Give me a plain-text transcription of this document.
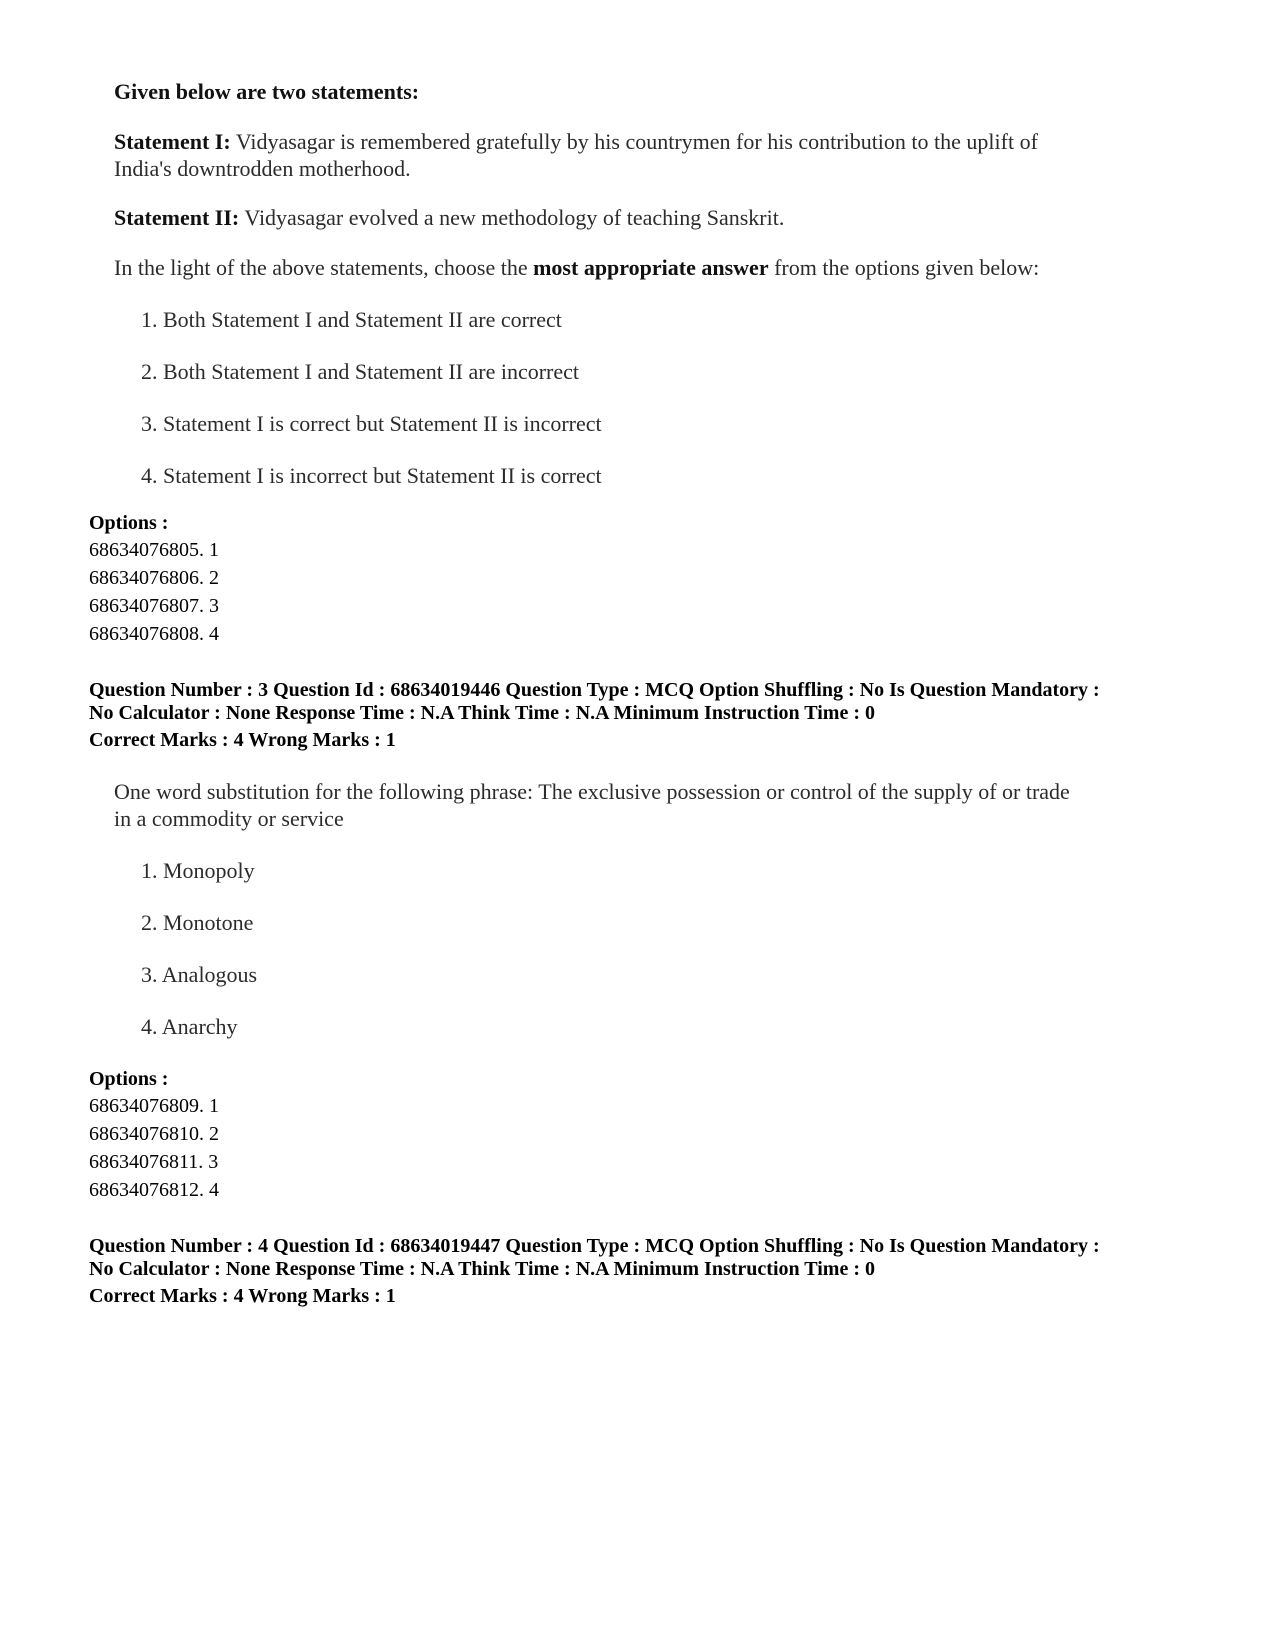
Given below are two statements:
Statement I: Vidyasagar is remembered gratefully by his countrymen for his contribution to the uplift of
India's downtrodden motherhood.
Statement II: Vidyasagar evolved a new methodology of teaching Sanskrit.
In the light of the above statements, choose the most appropriate answer from the options given below:
1. Both Statement I and Statement II are correct
2. Both Statement I and Statement II are incorrect
3. Statement I is correct but Statement II is incorrect
4. Statement I is incorrect but Statement II is correct
Options :
68634076805. 1
68634076806. 2
68634076807. 3
68634076808. 4
Question Number : 3 Question Id : 68634019446 Question Type : MCQ Option Shuffling : No Is Question Mandatory :
No Calculator : None Response Time : N.A Think Time : N.A Minimum Instruction Time : 0
Correct Marks : 4 Wrong Marks : 1
One word substitution for the following phrase: The exclusive possession or control of the supply of or trade
in a commodity or service
1. Monopoly
2. Monotone
3. Analogous
4. Anarchy
Options :
68634076809. 1
68634076810. 2
68634076811. 3
68634076812. 4
Question Number : 4 Question Id : 68634019447 Question Type : MCQ Option Shuffling : No Is Question Mandatory :
No Calculator : None Response Time : N.A Think Time : N.A Minimum Instruction Time : 0
Correct Marks : 4 Wrong Marks : 1
